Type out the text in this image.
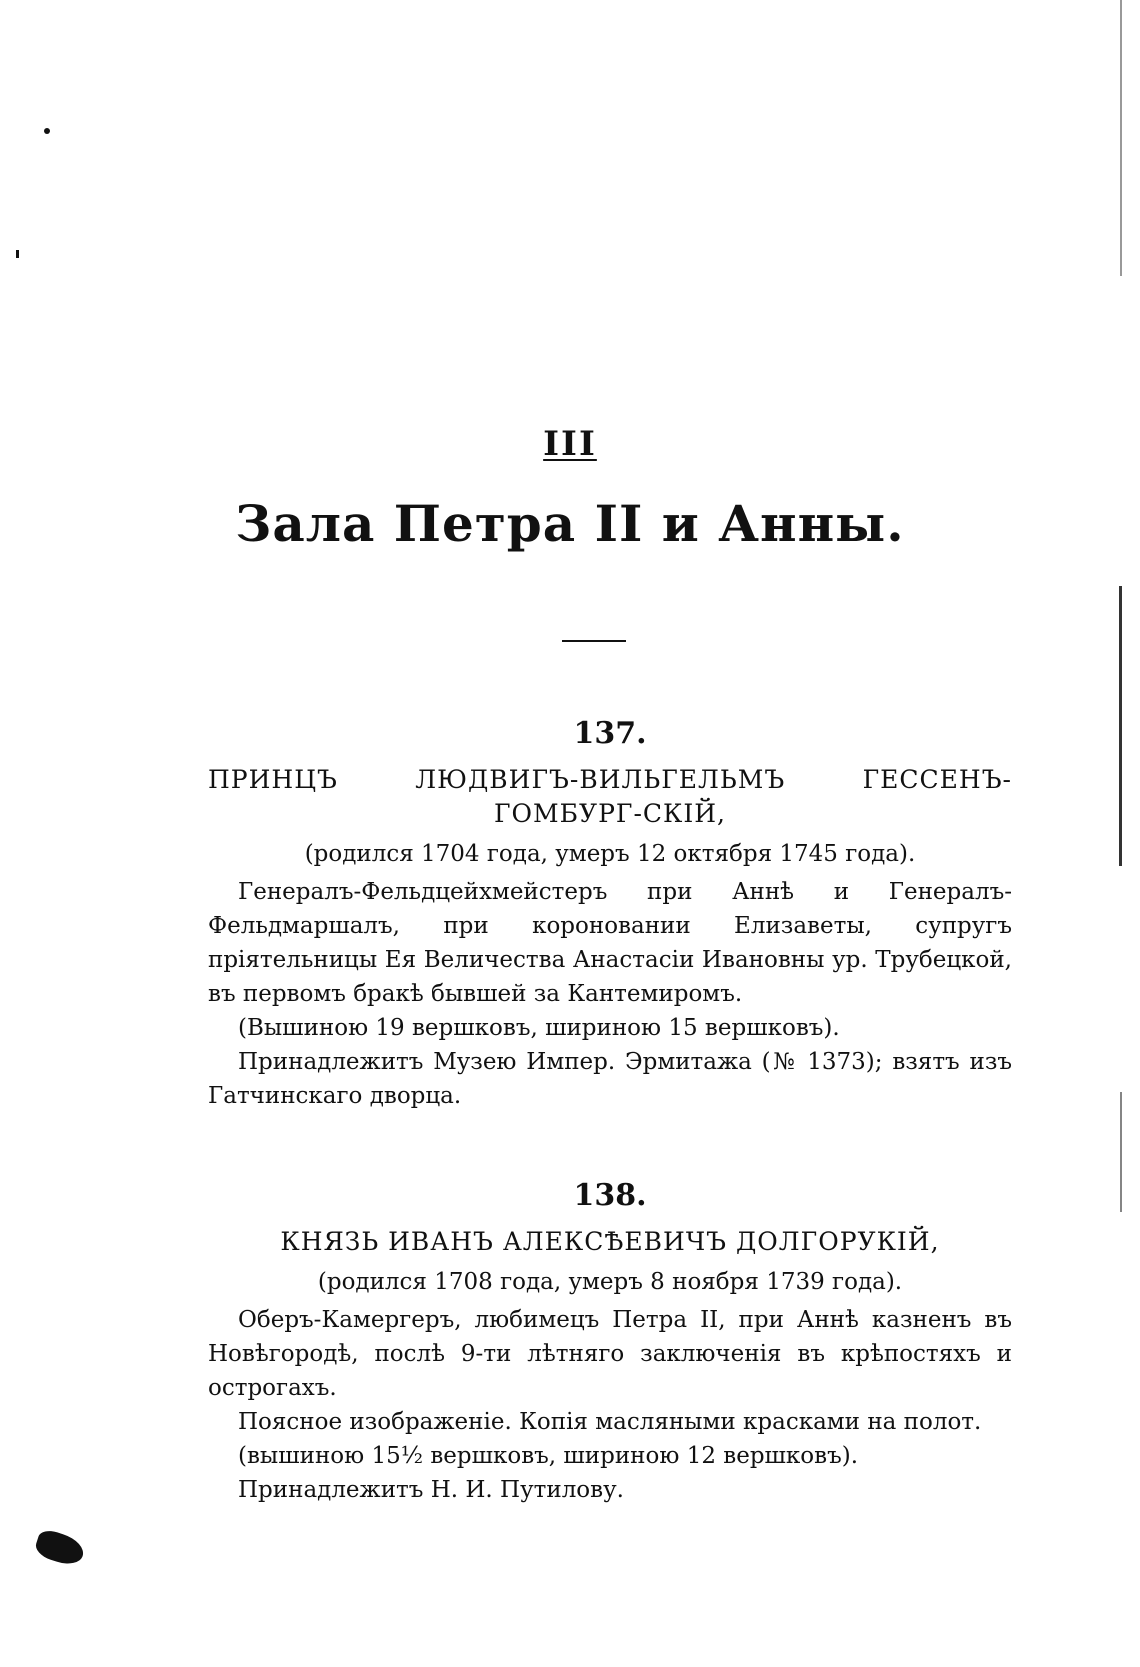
III
Зала Петра II и Анны.
137.
ПРИНЦЪ ЛЮДВИГЪ-ВИЛЬГЕЛЬМЪ ГЕССЕНЪ-ГОМБУРГ-СКІЙ,
(родился 1704 года, умеръ 12 октября 1745 года).

Генералъ-Фельдцейхмейстеръ при Аннѣ и Генералъ-Фельдмаршалъ, при короновании Елизаветы, супругъ пріятельницы Ея Величества Анастасіи Ивановны ур. Трубецкой, въ первомъ бракѣ бывшей за Кантемиромъ.

(Вышиною 19 вершковъ, шириною 15 вершковъ).

Принадлежитъ Музею Импер. Эрмитажа (№ 1373); взятъ изъ Гатчинскаго дворца.

138.
КНЯЗЬ ИВАНЪ АЛЕКСѢЕВИЧЪ ДОЛГОРУКІЙ,
(родился 1708 года, умеръ 8 ноября 1739 года).

Оберъ-Камергеръ, любимецъ Петра II, при Аннѣ казненъ въ Новѣгородѣ, послѣ 9-ти лѣтняго заключенія въ крѣпостяхъ и острогахъ.

Поясное изображеніе. Копія масляными красками на полот.

(вышиною 15½ вершковъ, шириною 12 вершковъ).

Принадлежитъ Н. И. Путилову.
